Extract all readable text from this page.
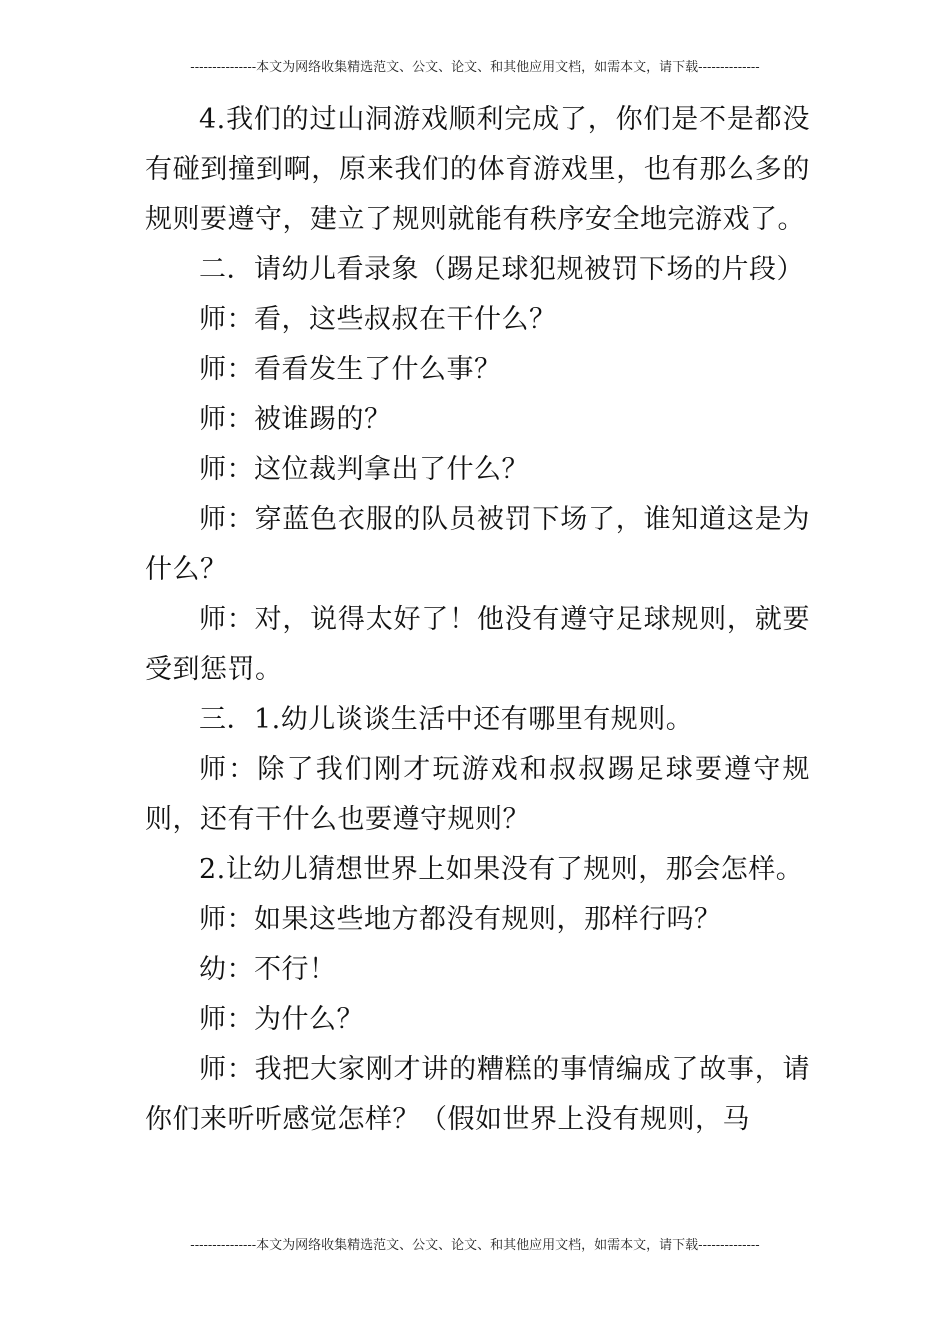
---------------本文为网络收集精选范文、公文、论文、和其他应用文档，如需本文，请下载--------------

4.我们的过山洞游戏顺利完成了，你们是不是都没有碰到撞到啊，原来我们的体育游戏里，也有那么多的规则要遵守，建立了规则就能有秩序安全地完游戏了。

二．请幼儿看录象（踢足球犯规被罚下场的片段）

师：看，这些叔叔在干什么？

师：看看发生了什么事？

师：被谁踢的？

师：这位裁判拿出了什么？

师：穿蓝色衣服的队员被罚下场了，谁知道这是为什么？

师：对，说得太好了！他没有遵守足球规则，就要受到惩罚。

三．1.幼儿谈谈生活中还有哪里有规则。

师：除了我们刚才玩游戏和叔叔踢足球要遵守规则，还有干什么也要遵守规则？

2.让幼儿猜想世界上如果没有了规则，那会怎样。

师：如果这些地方都没有规则，那样行吗？

幼：不行！

师：为什么？

师：我把大家刚才讲的糟糕的事情编成了故事，请你们来听听感觉怎样？（假如世界上没有规则，马

---------------本文为网络收集精选范文、公文、论文、和其他应用文档，如需本文，请下载--------------
